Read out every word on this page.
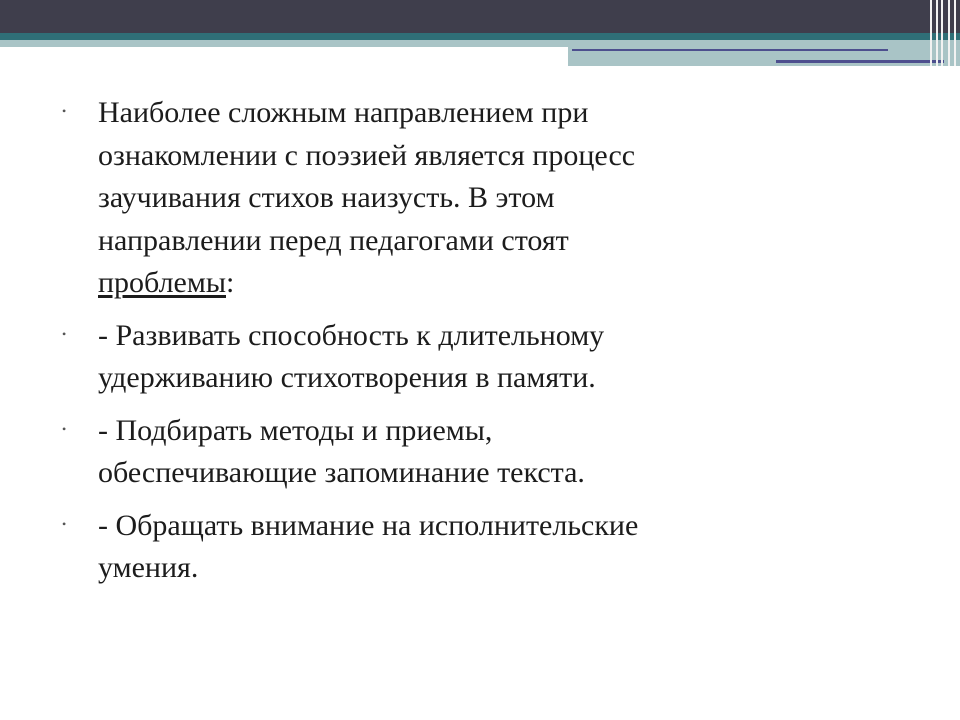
• Наиболее сложным направлением при
ознакомлении с поэзией является процесс
заучивания стихов наизусть. В этом
направлении перед педагогами стоят
проблемы:
• - Развивать способность к длительному
удерживанию стихотворения в памяти.
• - Подбирать методы и приемы,
обеспечивающие запоминание текста.
• - Обращать внимание на исполнительские
умения.
